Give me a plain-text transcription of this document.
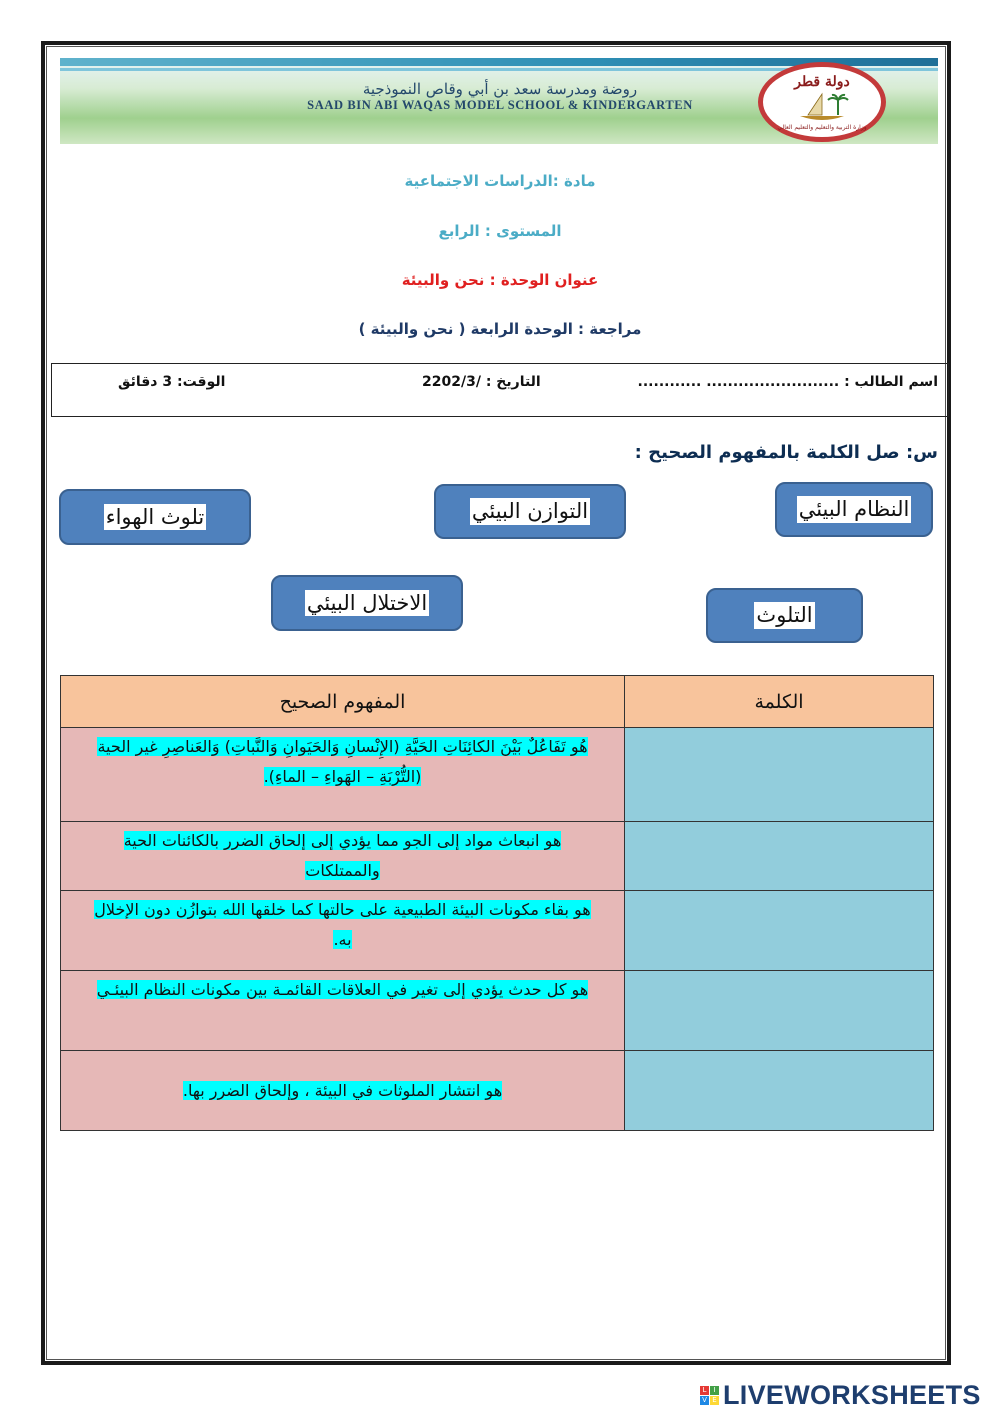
روضة ومدرسة سعد بن أبي وقاص النموذجية
SAAD BIN ABI WAQAS MODEL SCHOOL & KINDERGARTEN
دولة قطر
وزارة التربية والتعليم والتعليم العالي
مادة :الدراسات الاجتماعية
المستوى : الرابع
عنوان الوحدة : نحن والبيئة
مراجعة : الوحدة الرابعة ( نحن والبيئة )
اسم الطالب : ......................... ............
التاريخ : /2202/3
الوقت: 3 دقائق
س: صل الكلمة بالمفهوم الصحيح :
النظام البيئي
التوازن البيئي
تلوث الهواء
التلوث
الاختلال البيئي
المفهوم الصحيح	الكلمة
هُو تَفَاعُلٌ بَيْنَ الكائِنَاتِ الحَيَّةِ (الإِنْسانِ وَالحَيَوانِ وَالنَّباتِ) وَالعَناصِرِ غير الحية (التُّرْبَةِ – الهَواءِ – الماءِ).	
هو انبعاث مواد إلى الجو مما يؤدي إلى إلحاق الضرر بالكائنات الحية والممتلكات	
هو بقاء مكونات البيئة الطبيعية على حالتها كما خلقها الله بتوازُن دون الإخلال به.	
هو كل حدث يؤدي إلى تغير في العلاقات القائمـة بين مكونات النظام البيئـي	
هو انتشار الملوثات في البيئة ، وإلحاق الضرر بها.	
L	I
V E LIVEWORKSHEETS
